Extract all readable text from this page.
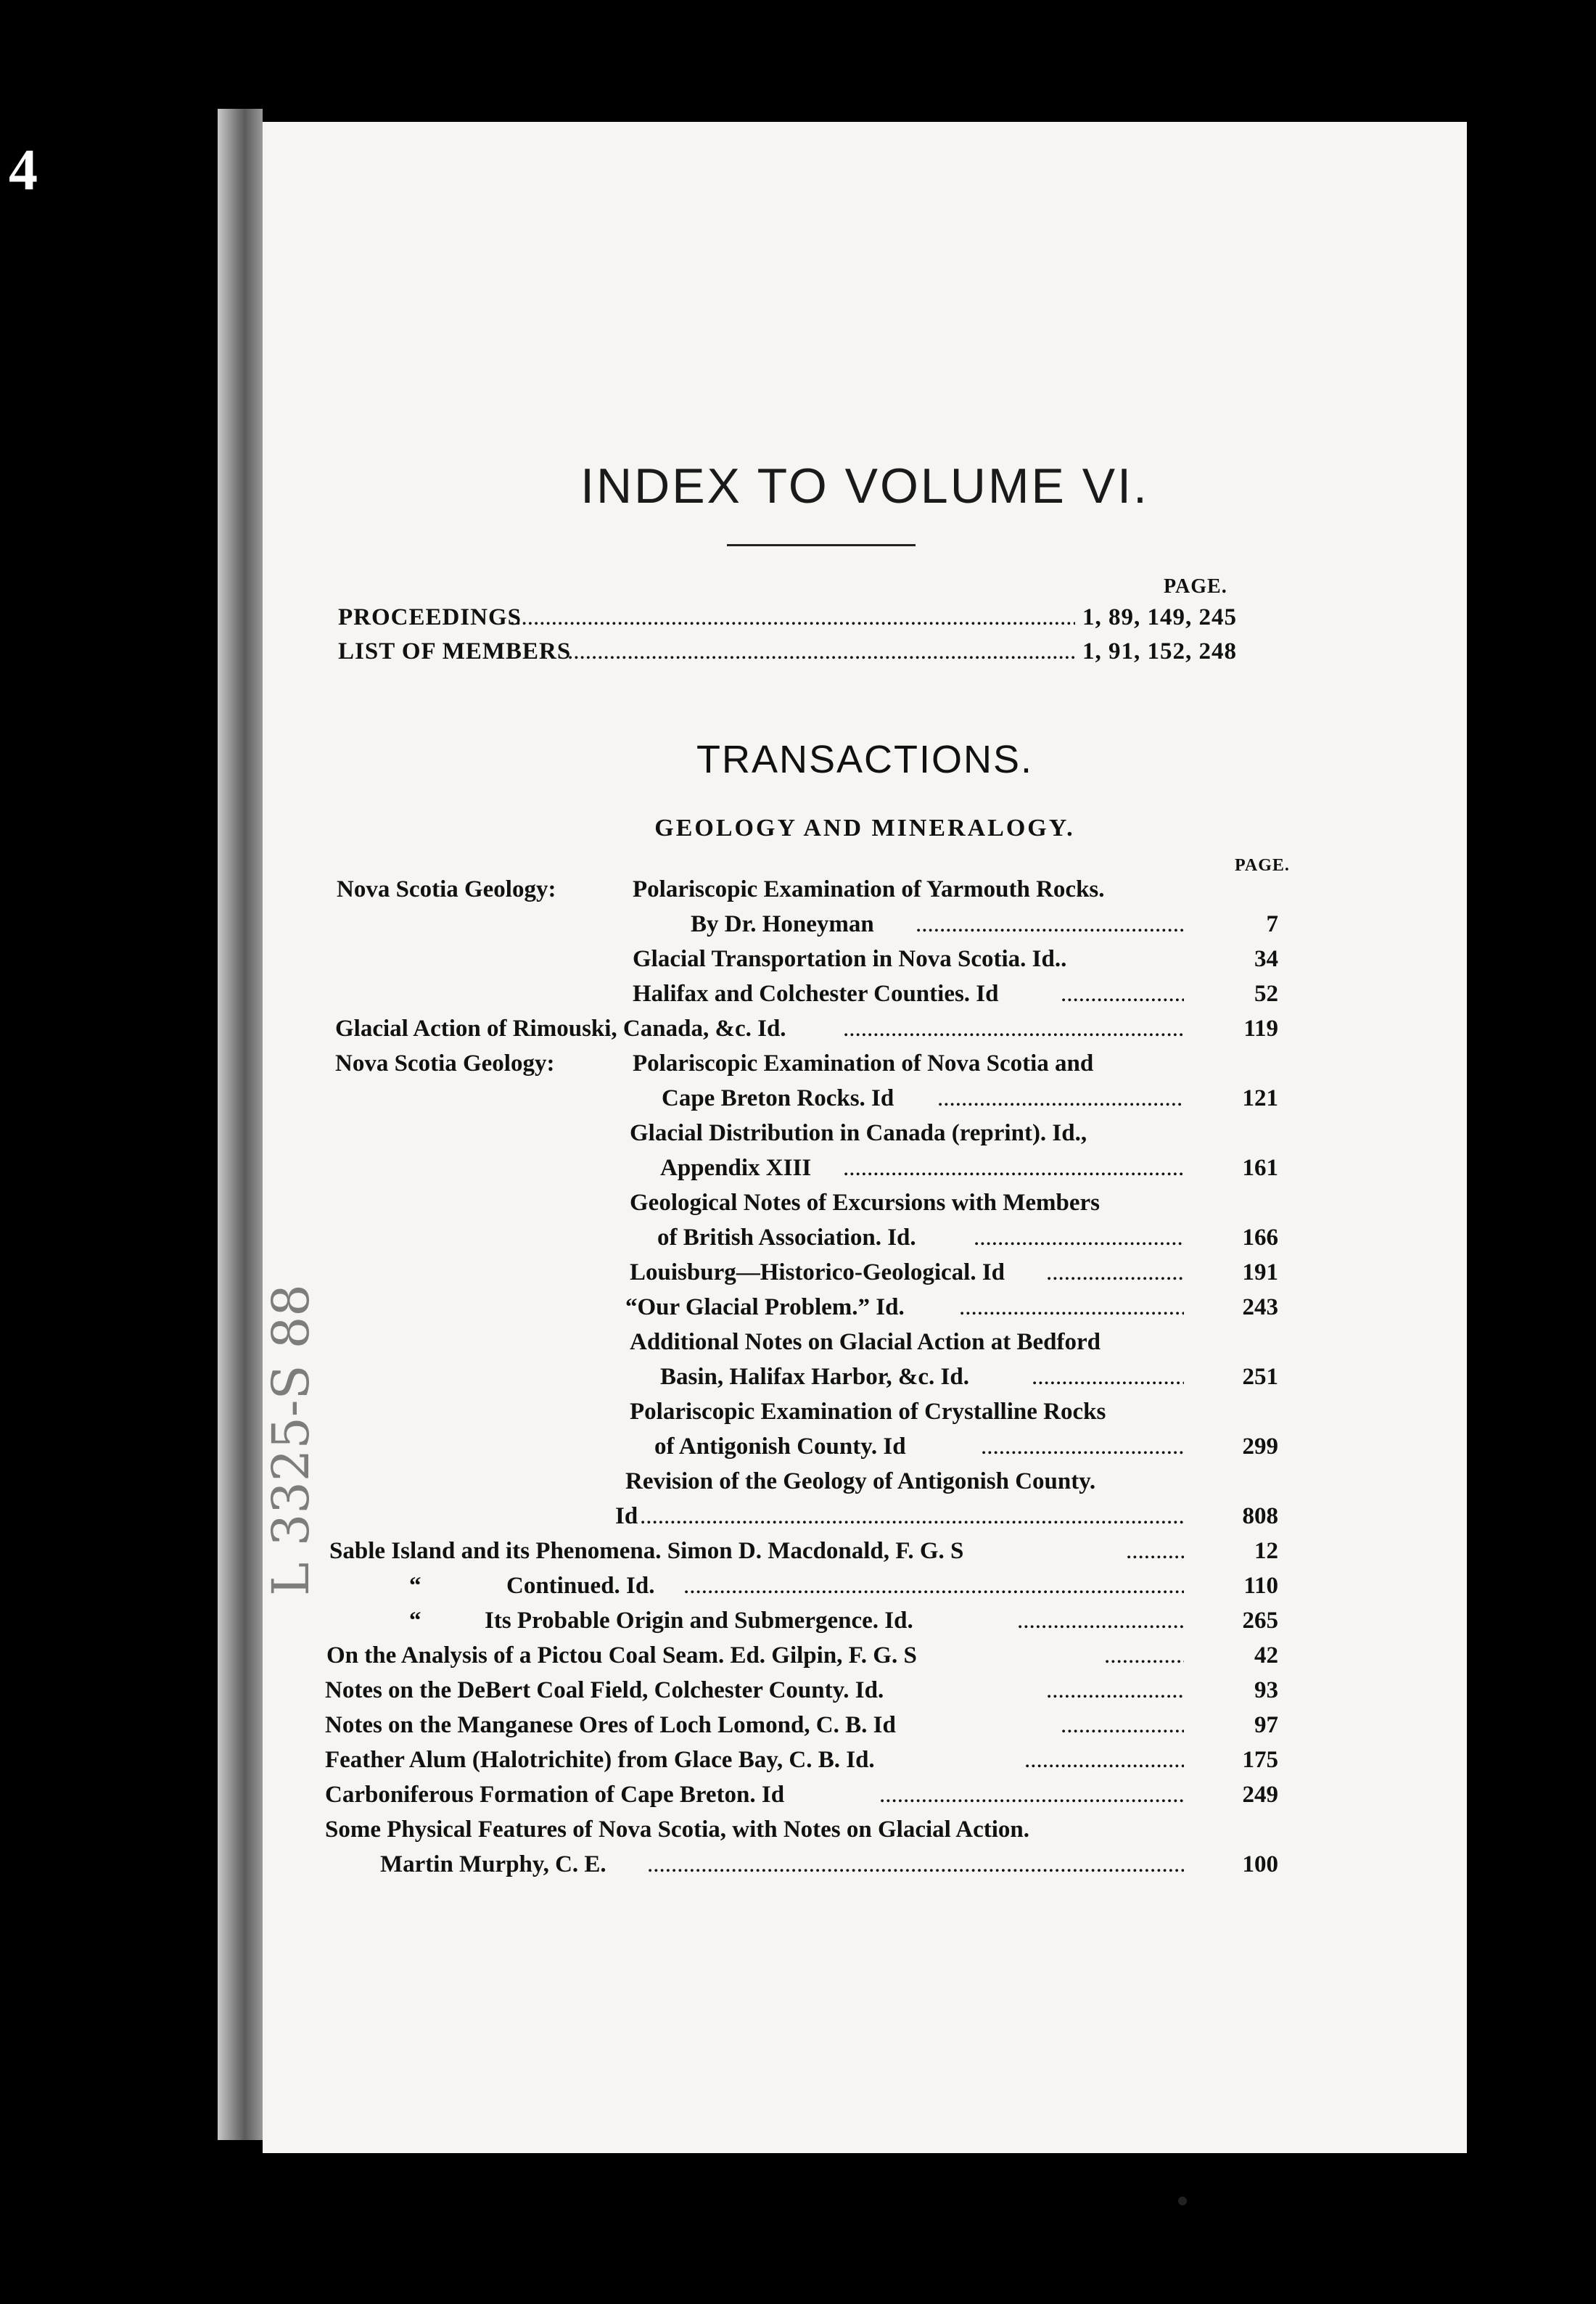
4
INDEX TO VOLUME VI.
PAGE.
PROCEEDINGS .....	1, 89, 149, 245
LIST OF MEMBERS .....	1, 91, 152, 248
TRANSACTIONS.
GEOLOGY AND MINERALOGY.
PAGE.
Nova Scotia Geology:	Polariscopic Examination of Yarmouth Rocks.
By Dr. Honeyman .....	7
Glacial Transportation in Nova Scotia. Id..	34
Halifax and Colchester Counties. Id .....	52
Glacial Action of Rimouski, Canada, &c. Id. .....	119
Nova Scotia Geology:	Polariscopic Examination of Nova Scotia and
Cape Breton Rocks. Id .....	121
Glacial Distribution in Canada (reprint). Id.,
Appendix XIII .....	161
Geological Notes of Excursions with Members
of British Association. Id. .....	166
Louisburg—Historico-Geological. Id .....	191
“Our Glacial Problem.” Id. .....	243
Additional Notes on Glacial Action at Bedford
Basin, Halifax Harbor, &c. Id. .....	251
Polariscopic Examination of Crystalline Rocks
of Antigonish County. Id .....	299
Revision of the Geology of Antigonish County.
Id .....	808
Sable Island and its Phenomena. Simon D. Macdonald, F. G. S .....	12
“	Continued. Id. .....	110
“	Its Probable Origin and Submergence. Id. .....	265
On the Analysis of a Pictou Coal Seam. Ed. Gilpin, F. G. S .....	42
Notes on the DeBert Coal Field, Colchester County. Id. .....	93
Notes on the Manganese Ores of Loch Lomond, C. B. Id .....	97
Feather Alum (Halotrichite) from Glace Bay, C. B. Id. .....	175
Carboniferous Formation of Cape Breton. Id .....	249
Some Physical Features of Nova Scotia, with Notes on Glacial Action.
Martin Murphy, C. E. .....	100
L 3325-S 88
